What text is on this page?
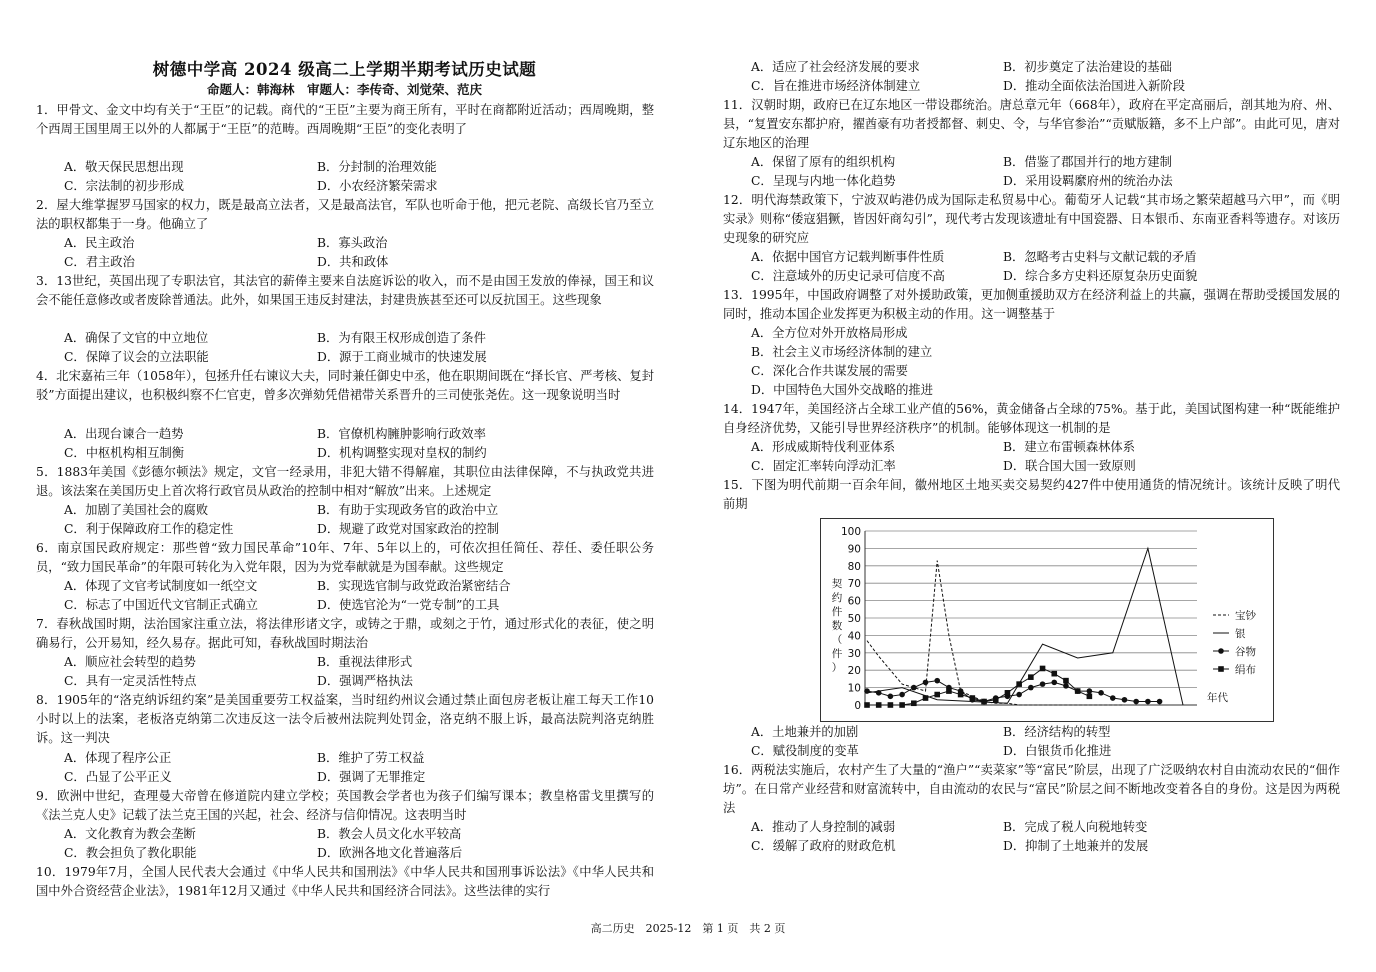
树德中学高 2024 级高二上学期半期考试历史试题
命题人：韩海林　审题人：李传奇、刘觉荣、范庆
1．甲骨文、金文中均有关于“王臣”的记载。商代的“王臣”主要为商王所有，平时在商都附近活动；西周晚期，整个西周王国里周王以外的人都属于“王臣”的范畴。西周晚期“王臣”的变化表明了
A．敬天保民思想出现	B．分封制的治理效能
C．宗法制的初步形成	D．小农经济繁荣需求
2．屋大维掌握罗马国家的权力，既是最高立法者，又是最高法官，军队也听命于他，把元老院、高级长官乃至立法的职权都集于一身。他确立了
A．民主政治	B．寡头政治
C．君主政治	D．共和政体
3．13世纪，英国出现了专职法官，其法官的薪俸主要来自法庭诉讼的收入，而不是由国王发放的俸禄，国王和议会不能任意修改或者废除普通法。此外，如果国王违反封建法，封建贵族甚至还可以反抗国王。这些现象
A．确保了文官的中立地位	B．为有限王权形成创造了条件
C．保障了议会的立法职能	D．源于工商业城市的快速发展
4．北宋嘉祐三年（1058年），包拯升任右谏议大夫，同时兼任御史中丞，他在职期间既在“择长官、严考核、复封驳”方面提出建议，也积极纠察不仁官吏，曾多次弹劾凭借裙带关系晋升的三司使张尧佐。这一现象说明当时
A．出现台谏合一趋势	B．官僚机构臃肿影响行政效率
C．中枢机构相互制衡	D．机构调整实现对皇权的制约
5．1883年美国《彭德尔顿法》规定，文官一经录用，非犯大错不得解雇，其职位由法律保障，不与执政党共进退。该法案在美国历史上首次将行政官员从政治的控制中相对“解放”出来。上述规定
A．加剧了美国社会的腐败	B．有助于实现政务官的政治中立
C．利于保障政府工作的稳定性	D．规避了政党对国家政治的控制
6．南京国民政府规定：那些曾“致力国民革命”10年、7年、5年以上的，可依次担任简任、荐任、委任职公务员，“致力国民革命”的年限可转化为入党年限，因为为党奉献就是为国奉献。这些规定
A．体现了文官考试制度如一纸空文	B．实现选官制与政党政治紧密结合
C．标志了中国近代文官制正式确立	D．使选官沦为“一党专制”的工具
7．春秋战国时期，法治国家注重立法，将法律形诸文字，或铸之于鼎，或刻之于竹，通过形式化的表征，使之明确易行，公开易知，经久易存。据此可知，春秋战国时期法治
A．顺应社会转型的趋势	B．重视法律形式
C．具有一定灵活性特点	D．强调严格执法
8．1905年的“洛克纳诉纽约案”是美国重要劳工权益案，当时纽约州议会通过禁止面包房老板让雇工每天工作10小时以上的法案，老板洛克纳第二次违反这一法令后被州法院判处罚金，洛克纳不服上诉，最高法院判洛克纳胜诉。这一判决
A．体现了程序公正	B．维护了劳工权益
C．凸显了公平正义	D．强调了无罪推定
9．欧洲中世纪，查理曼大帝曾在修道院内建立学校；英国教会学者也为孩子们编写课本；教皇格雷戈里撰写的《法兰克人史》记载了法兰克王国的兴起，社会、经济与信仰情况。这表明当时
A．文化教育为教会垄断	B．教会人员文化水平较高
C．教会担负了教化职能	D．欧洲各地文化普遍落后
10．1979年7月，全国人民代表大会通过《中华人民共和国刑法》《中华人民共和国刑事诉讼法》《中华人民共和国中外合资经营企业法》，1981年12月又通过《中华人民共和国经济合同法》。这些法律的实行
A．适应了社会经济发展的要求	B．初步奠定了法治建设的基础
C．旨在推进市场经济体制建立	D．推动全面依法治国进入新阶段
11．汉朝时期，政府已在辽东地区一带设郡统治。唐总章元年（668年），政府在平定高丽后，剖其地为府、州、县，“复置安东都护府，擢酋豪有功者授都督、刺史、令，与华官参治”“贡赋版籍，多不上户部”。由此可见，唐对辽东地区的治理
A．保留了原有的组织机构	B．借鉴了郡国并行的地方建制
C．呈现与内地一体化趋势	D．采用设羁縻府州的统治办法
12．明代海禁政策下，宁波双屿港仍成为国际走私贸易中心。葡萄牙人记载“其市场之繁荣超越马六甲”，而《明实录》则称“倭寇猖獗，皆因奸商勾引”，现代考古发现该遗址有中国瓷器、日本银币、东南亚香料等遗存。对该历史现象的研究应
A．依据中国官方记载判断事件性质	B．忽略考古史料与文献记载的矛盾
C．注意域外的历史记录可信度不高	D．综合多方史料还原复杂历史面貌
13．1995年，中国政府调整了对外援助政策，更加侧重援助双方在经济利益上的共赢，强调在帮助受援国发展的同时，推动本国企业发挥更为积极主动的作用。这一调整基于
A．全方位对外开放格局形成
B．社会主义市场经济体制的建立
C．深化合作共谋发展的需要
D．中国特色大国外交战略的推进
14．1947年，美国经济占全球工业产值的56%，黄金储备占全球的75%。基于此，美国试图构建一种“既能维护自身经济优势，又能引导世界经济秩序”的机制。能够体现这一机制的是
A．形成威斯特伐利亚体系	B．建立布雷顿森林体系
C．固定汇率转向浮动汇率	D．联合国大国一致原则
15．下图为明代前期一百余年间，徽州地区土地买卖交易契约427件中使用通货的情况统计。该统计反映了明代前期
0
10
20
30
40
50
60
70
80
90
100
契
约
件
数
（
件
）
年代
宝钞
银
谷物
绢布
A．土地兼并的加剧	B．经济结构的转型
C．赋役制度的变革	D．白银货币化推进
16．两税法实施后，农村产生了大量的“渔户”“卖菜家”等“富民”阶层，出现了广泛吸纳农村自由流动农民的“佃作坊”。在日常产业经营和财富流转中，自由流动的农民与“富民”阶层之间不断地改变着各自的身份。这是因为两税法
A．推动了人身控制的减弱	B．完成了税人向税地转变
C．缓解了政府的财政危机	D．抑制了土地兼并的发展
高二历史　2025-12　第 1 页　共 2 页
